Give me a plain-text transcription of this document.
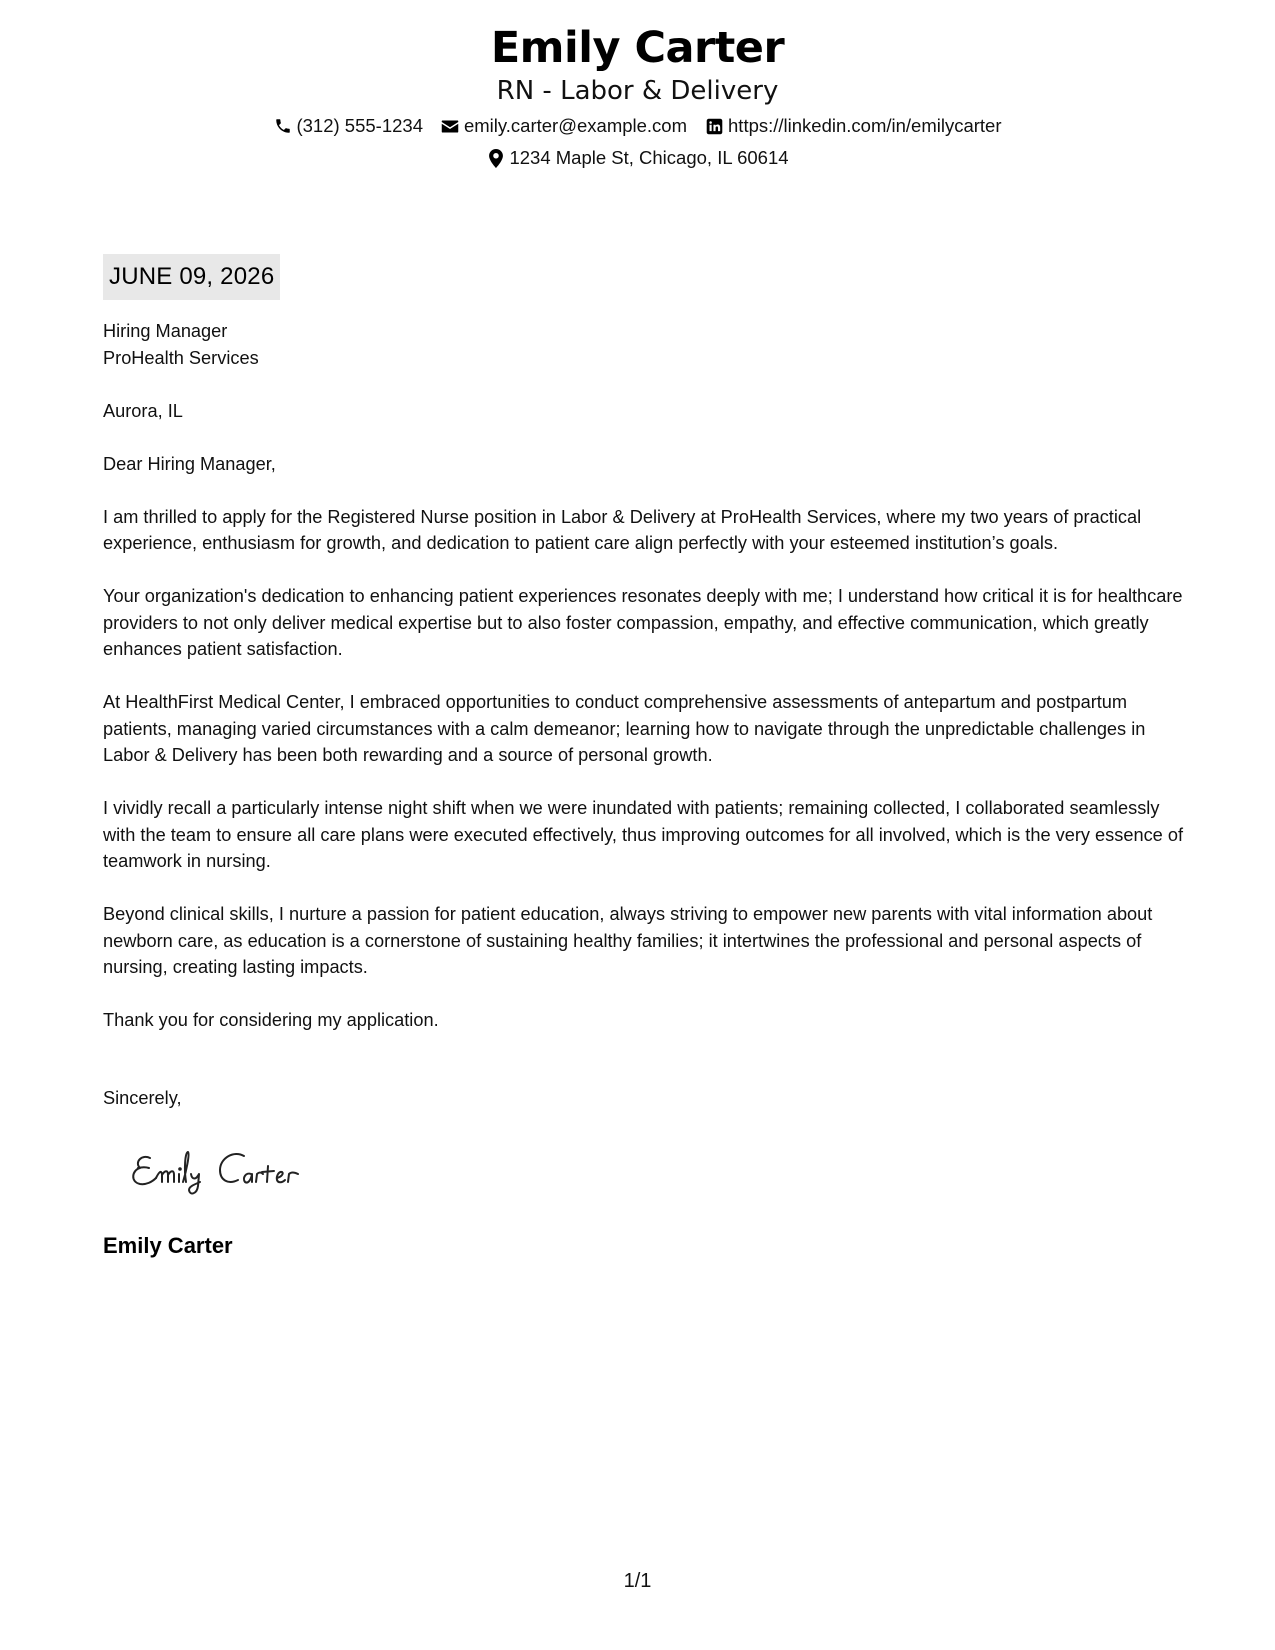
Emily Carter
RN - Labor & Delivery
(312) 555-1234 emily.carter@example.com https://linkedin.com/in/emilycarter
1234 Maple St, Chicago, IL 60614
JUNE 09, 2026
Hiring Manager
ProHealth Services
Aurora, IL

Dear Hiring Manager,

I am thrilled to apply for the Registered Nurse position in Labor & Delivery at ProHealth Services, where my two years of practical experience, enthusiasm for growth, and dedication to patient care align perfectly with your esteemed institution’s goals.

Your organization's dedication to enhancing patient experiences resonates deeply with me; I understand how critical it is for healthcare providers to not only deliver medical expertise but to also foster compassion, empathy, and effective communication, which greatly enhances patient satisfaction.

At HealthFirst Medical Center, I embraced opportunities to conduct comprehensive assessments of antepartum and postpartum patients, managing varied circumstances with a calm demeanor; learning how to navigate through the unpredictable challenges in Labor & Delivery has been both rewarding and a source of personal growth.

I vividly recall a particularly intense night shift when we were inundated with patients; remaining collected, I collaborated seamlessly with the team to ensure all care plans were executed effectively, thus improving outcomes for all involved, which is the very essence of teamwork in nursing.

Beyond clinical skills, I nurture a passion for patient education, always striving to empower new parents with vital information about newborn care, as education is a cornerstone of sustaining healthy families; it intertwines the professional and personal aspects of nursing, creating lasting impacts.

Thank you for considering my application.

Sincerely,

Emily Carter
1/1
